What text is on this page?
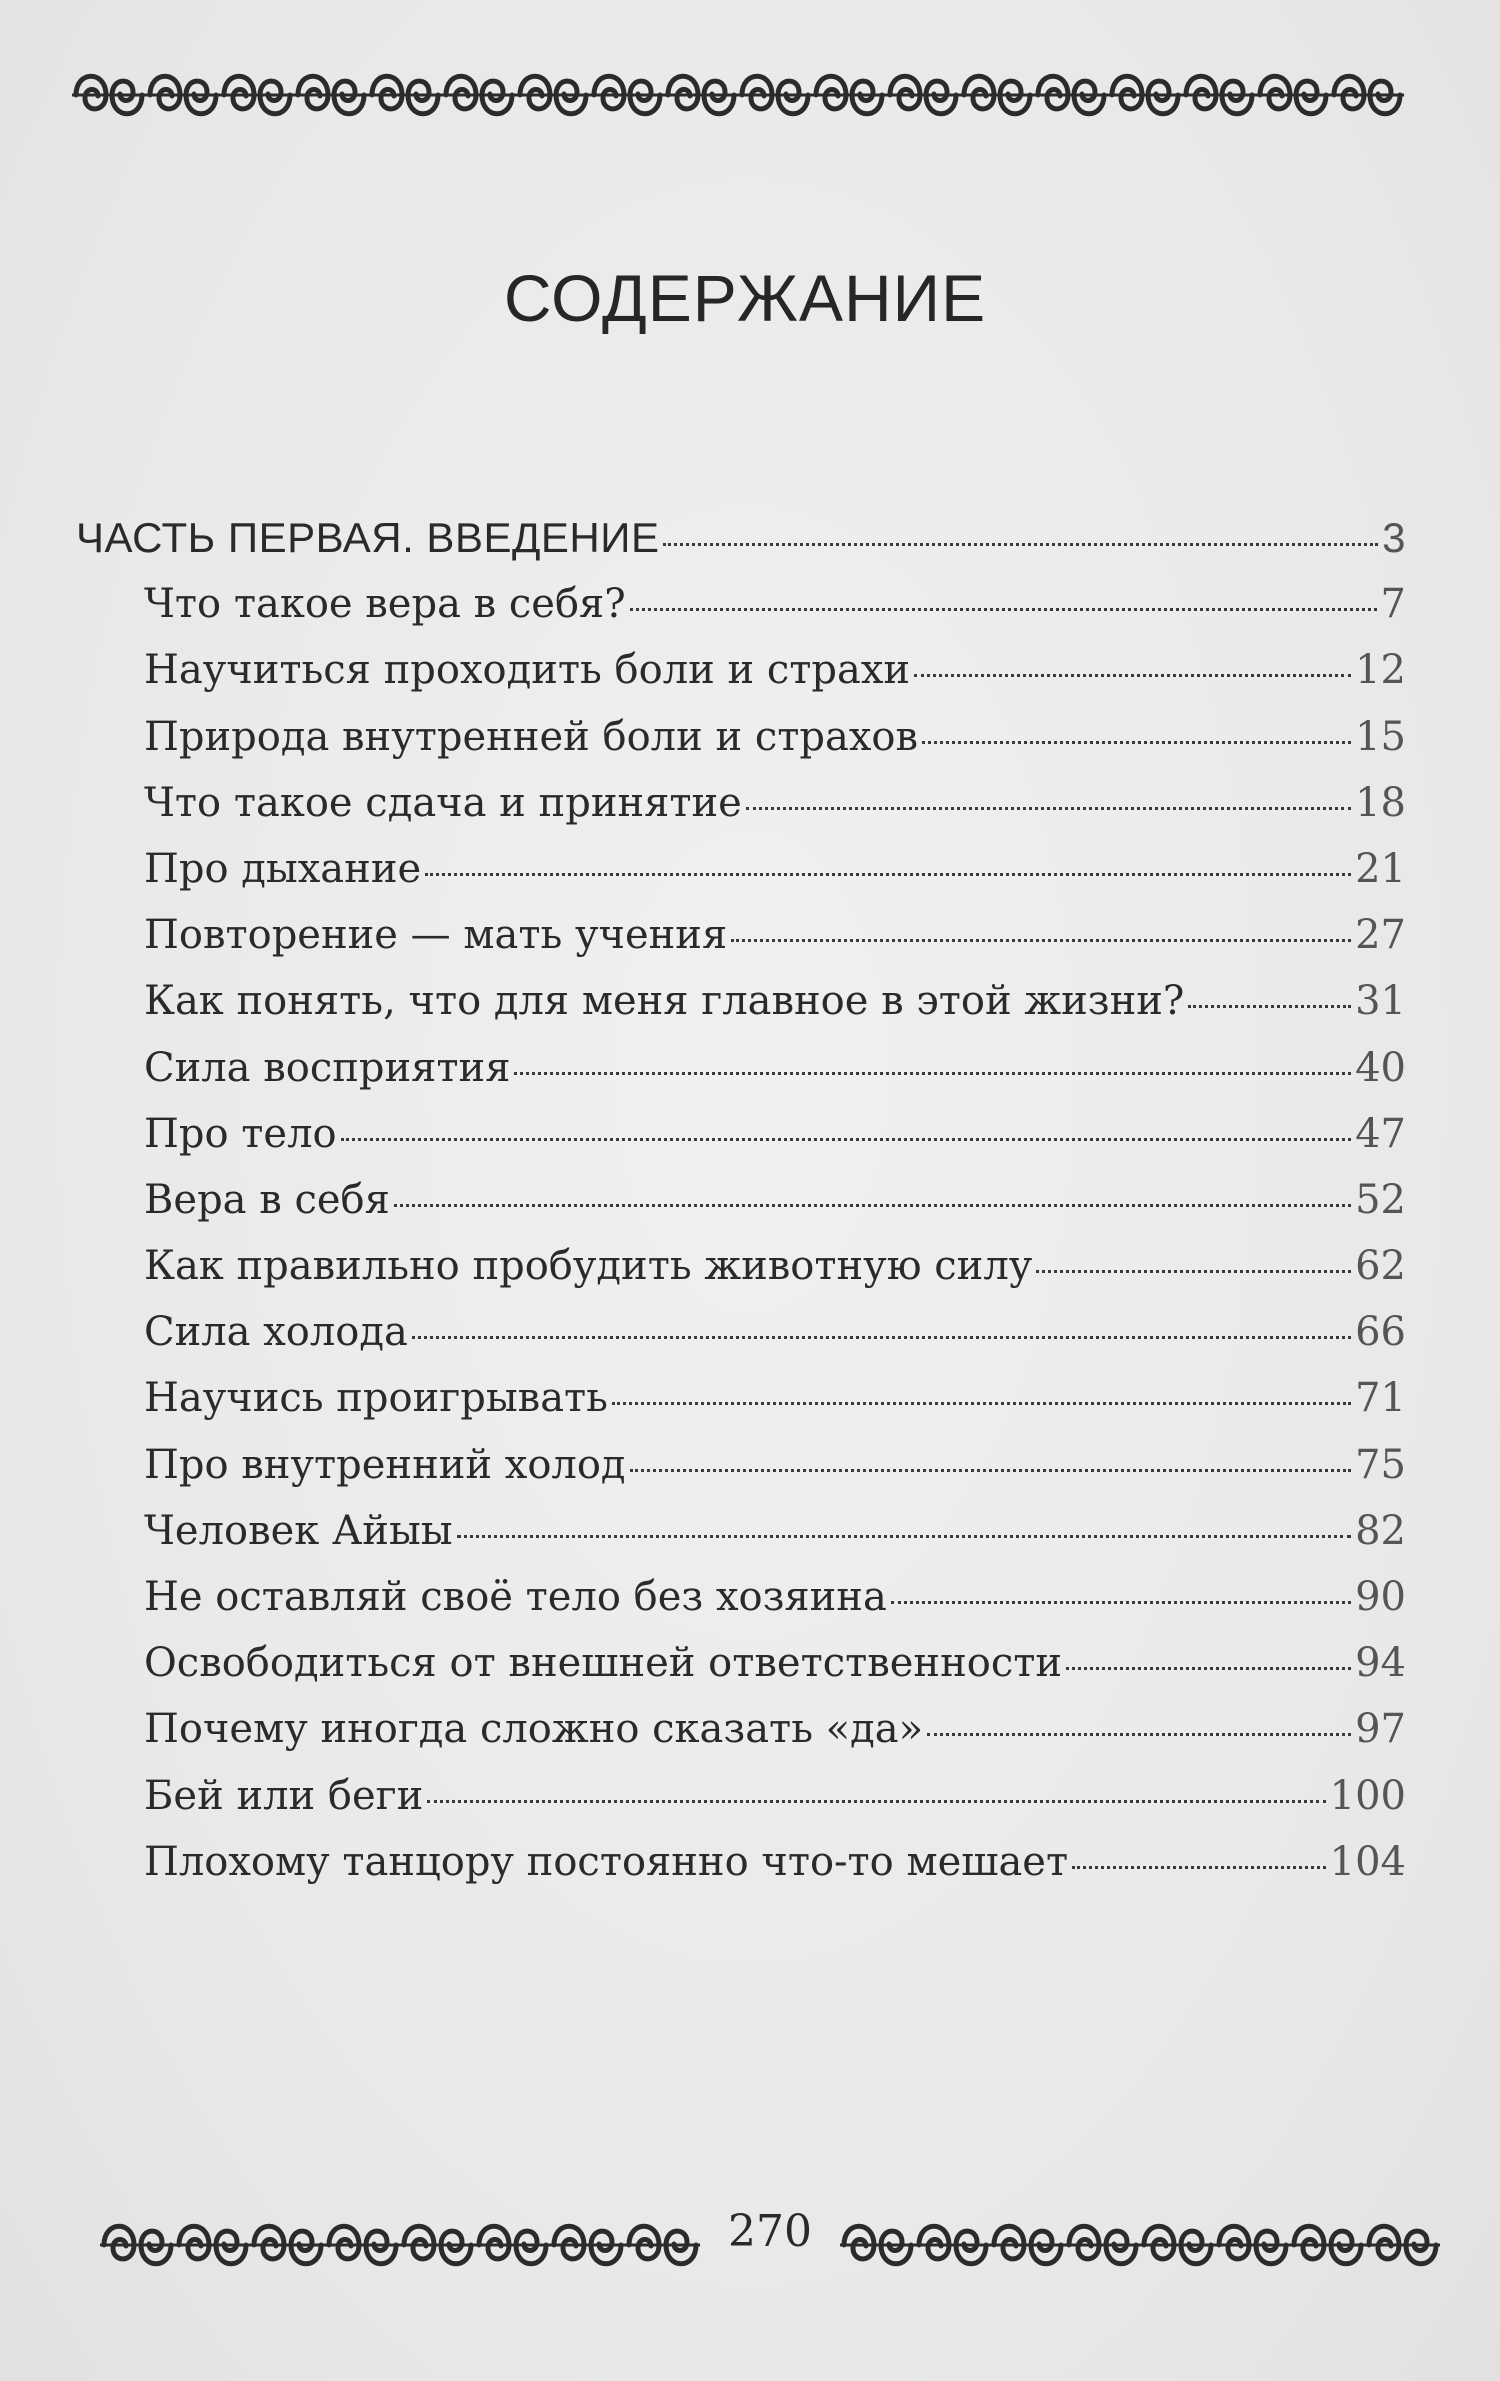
СОДЕРЖАНИЕ
ЧАСТЬ ПЕРВАЯ. ВВЕДЕНИЕ	3
Что такое вера в себя?	7
Научиться проходить боли и страхи	12
Природа внутренней боли и страхов	15
Что такое сдача и принятие	18
Про дыхание	21
Повторение — мать учения	27
Как понять, что для меня главное в этой жизни?	31
Сила восприятия	40
Про тело	47
Вера в себя	52
Как правильно пробудить животную силу	62
Сила холода	66
Научись проигрывать	71
Про внутренний холод	75
Человек Айыы	82
Не оставляй своё тело без хозяина	90
Освободиться от внешней ответственности	94
Почему иногда сложно сказать «да»	97
Бей или беги	100
Плохому танцору постоянно что-то мешает	104
270
